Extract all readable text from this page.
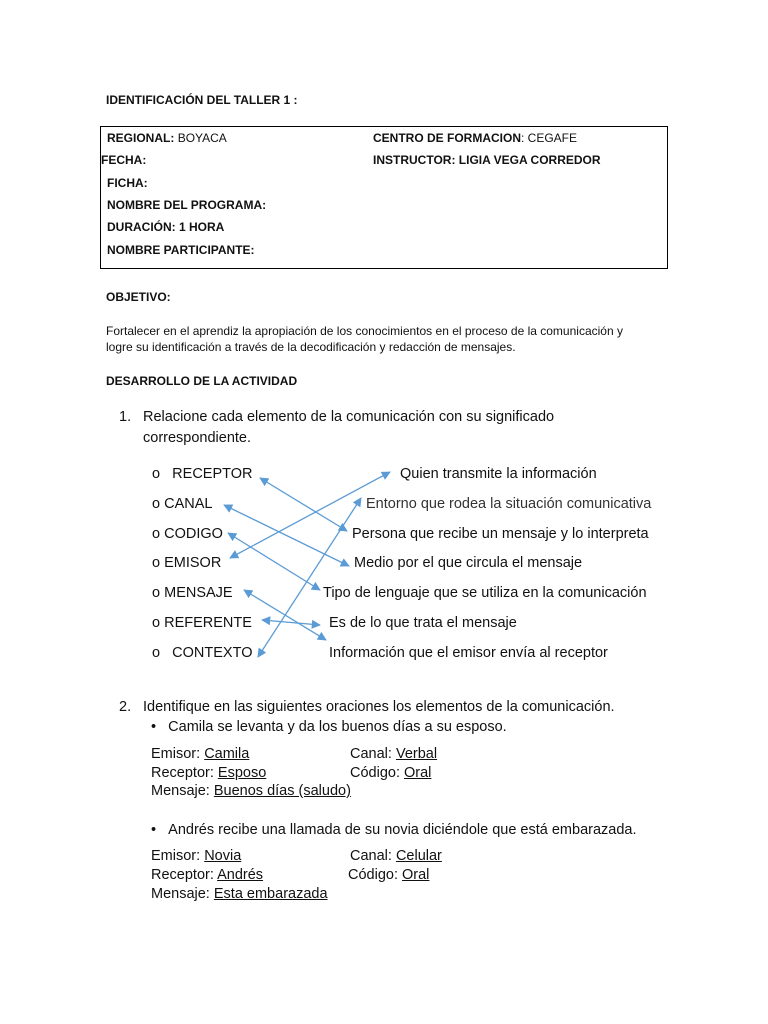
IDENTIFICACIÓN DEL TALLER 1 :
REGIONAL: BOYACA	CENTRO DE FORMACION: CEGAFE
FECHA:	INSTRUCTOR: LIGIA VEGA CORREDOR
FICHA:
NOMBRE DEL PROGRAMA:
DURACIÓN: 1 HORA
NOMBRE PARTICIPANTE:
OBJETIVO:
Fortalecer en el aprendiz la apropiación de los conocimientos en el proceso de la comunicación y
logre su identificación a través de la decodificación y redacción de mensajes.
DESARROLLO DE LA ACTIVIDAD
1. Relacione cada elemento de la comunicación con su significado
correspondiente.
o RECEPTOR
o CANAL
o CODIGO
o EMISOR
o MENSAJE
o REFERENTE
o CONTEXTO
Quien transmite la información
Entorno que rodea la situación comunicativa
Persona que recibe un mensaje y lo interpreta
Medio por el que circula el mensaje
Tipo de lenguaje que se utiliza en la comunicación
Es de lo que trata el mensaje
Información que el emisor envía al receptor
2. Identifique en las siguientes oraciones los elementos de la comunicación.
• Camila se levanta y da los buenos días a su esposo.
Emisor: Camila	Canal: Verbal
Receptor: Esposo	Código: Oral
Mensaje: Buenos días (saludo)
• Andrés recibe una llamada de su novia diciéndole que está embarazada.
Emisor: Novia	Canal: Celular
Receptor: Andrés	Código: Oral
Mensaje: Esta embarazada
